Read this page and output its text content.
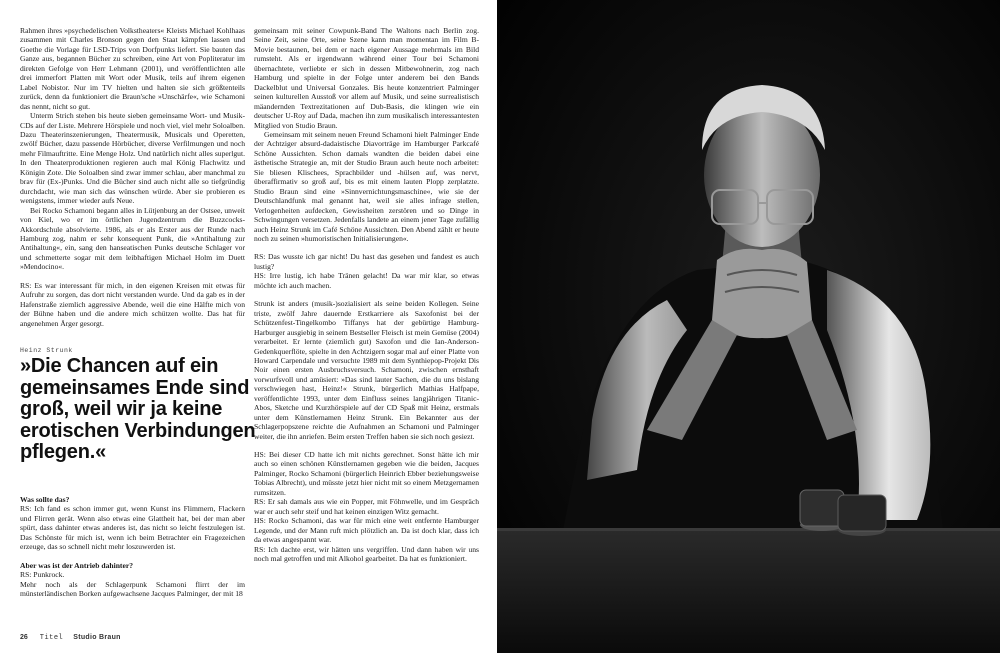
Rahmen ihres »psychedelischen Volkstheaters« Kleists Michael Kohlhaas zusammen mit Charles Bronson gegen den Staat kämpfen lassen und Goethe die Vorlage für LSD-Trips von Dorfpunks liefert. Sie bauten das Ganze aus, begannen Bücher zu schreiben, eine Art von Popliteratur im direkten Gefolge von Herr Lehmann (2001), und veröffentlichten alle drei immerfort Platten mit Wort oder Musik, teils auf ihrem eigenen Label Nobistor. Nur im TV hielten und halten sie sich größtenteils zurück, denn da funktioniert die Braun'sche »Unschärfe«, wie Schamoni das nennt, nicht so gut.

Unterm Strich stehen bis heute sieben gemeinsame Wort- und Musik-CDs auf der Liste. Mehrere Hörspiele und noch viel, viel mehr Soloalben. Dazu Theaterinszenierungen, Theatermusik, Musicals und Operetten, zwölf Bücher, dazu passende Hörbücher, diverse Verfilmungen und noch mehr Filmauftritte. Eine Menge Holz. Und natürlich nicht alles superlgut. In den Theaterproduktionen regieren auch mal König Flachwitz und Königin Zote. Die Soloalben sind zwar immer schlau, aber manchmal zu brav für (Ex-)Punks. Und die Bücher sind auch nicht alle so tiefgründig durchdacht, wie man sich das wünschen würde. Aber sie probieren es wenigstens, immer wieder aufs Neue.

Bei Rocko Schamoni begann alles in Lütjenburg an der Ostsee, unweit von Kiel, wo er im örtlichen Jugendzentrum die Buzzcocks-Akkordschule absolvierte. 1986, als er als Erster aus der Runde nach Hamburg zog, nahm er sehr konsequent Punk, die »Antihaltung zur Antihaltung«, ein, sang den hanseatischen Punks deutsche Schlager vor und schmetterte sogar mit dem leibhaftigen Michael Holm im Duett »Mendocino«.

RS: Es war interessant für mich, in den eigenen Kreisen mit etwas für Aufruhr zu sorgen, das dort nicht verstanden wurde. Und da gab es in der Hafenstraße ziemlich aggressive Abende, weil die eine Hälfte mich von der Bühne haben und die andere mich schützen wollte. Das hat für angenehmen Ärger gesorgt.

Heinz Strunk
»Die Chancen auf ein gemeinsames Ende sind groß, weil wir ja keine erotischen Verbindungen pflegen.«

Was sollte das?

RS: Ich fand es schon immer gut, wenn Kunst ins Flimmern, Flackern und Flirren gerät. Wenn also etwas eine Glattheit hat, bei der man aber spürt, dass dahinter etwas anderes ist, das nicht so leicht festzulegen ist. Das Schönste für mich ist, wenn ich beim Betrachter ein Fragezeichen erzeuge, das so schnell nicht mehr loszuwerden ist.

Aber was ist der Antrieb dahinter?

RS: Punkrock.

Mehr noch als der Schlagerpunk Schamoni flirrt der im münsterländischen Borken aufgewachsene Jacques Palminger, der mit 18

gemeinsam mit seiner Cowpunk-Band The Waltons nach Berlin zog. Seine Zeit, seine Orte, seine Szene kann man momentan im Film B-Movie bestaunen, bei dem er nach eigener Aussage mehrmals im Bild rumsteht. Als er irgendwann während einer Tour bei Schamoni übernachtete, verliebte er sich in dessen Mitbewohnerin, zog nach Hamburg und spielte in der Folge unter anderem bei den Bands Dackelblut und Universal Gonzales. Bis heute konzentriert Palminger seinen kulturellen Ausstoß vor allem auf Musik, und seine surrealistisch mäandernden Textrezitationen auf Dub-Basis, die klingen wie ein deutscher U-Roy auf Dada, machen ihn zum musikalisch interessantesten Mitglied von Studio Braun.

Gemeinsam mit seinem neuen Freund Schamoni hielt Palminger Ende der Achtziger absurd-dadaistische Diavorträge im Hamburger Parkcafé Schöne Aussichten. Schon damals wandten die beiden dabei eine ästhetische Strategie an, mit der Studio Braun auch heute noch arbeitet: Sie bliesen Klischees, Sprachbilder und -hülsen auf, was nervt, überaffirmativ so groß auf, bis es mit einem lauten Plopp zerplatzte. Studio Braun sind eine »Sinnvernichtungsmaschine«, wie sie der Deutschlandfunk mal genannt hat, weil sie alles infrage stellen, Verlogenheiten aufdecken, Gewissheiten zerstören und so Dinge in Schwingungen versetzen. Jedenfalls landete an einem jener Tage zufällig auch Heinz Strunk im Café Schöne Aussichten. Den Abend zählt er heute noch zu seinen »humoristischen Initialisierungen«.

RS: Das wusste ich gar nicht! Du hast das gesehen und fandest es auch lustig?
HS: Irre lustig, ich habe Tränen gelacht! Da war mir klar, so etwas möchte ich auch machen.

Strunk ist anders (musik-)sozialisiert als seine beiden Kollegen. Seine triste, zwölf Jahre dauernde Erstkarriere als Saxofonist bei der Schützenfest-Tingelkombo Tiffanys hat der gebürtige Hamburg-Harburger ausgiebig in seinem Bestseller Fleisch ist mein Gemüse (2004) verarbeitet. Er lernte (ziemlich gut) Saxofon und die Ian-Anderson-Gedenkquerflöte, spielte in den Achtzigern sogar mal auf einer Platte von Howard Carpendale und versuchte 1989 mit dem Synthiepop-Projekt Dis Noir einen ersten Ausbruchsversuch. Schamoni, zwischen ernsthaft vorwurfsvoll und amüsiert: »Das sind lauter Sachen, die du uns bislang verschwiegen hast, Heinz!« Strunk, bürgerlich Mathias Halfpape, veröffentlichte 1993, unter dem Einfluss seines langjährigen Titanic-Abos, Sketche und Kurzhörspiele auf der CD Spaß mit Heinz, erstmals unter dem Künstlernamen Heinz Strunk. Ein Bekannter aus der Schlagerpopszene reichte die Aufnahmen an Schamoni und Palminger weiter, die ihn anriefen. Beim ersten Treffen haben sie sich noch gesiezt.

HS: Bei dieser CD hatte ich mit nichts gerechnet. Sonst hätte ich mir auch so einen schönen Künstlernamen gegeben wie die beiden, Jacques Palminger, Rocko Schamoni (bürgerlich Heinrich Ebber beziehungsweise Tobias Albrecht), und müsste jetzt hier nicht mit so einem Metzgernamen rumsitzen.
RS: Er sah damals aus wie ein Popper, mit Föhnwelle, und im Gespräch war er auch sehr steif und hat keinen einzigen Witz gemacht.
HS: Rocko Schamoni, das war für mich eine weit entfernte Hamburger Legende, und der Mann ruft mich plötzlich an. Da ist doch klar, dass ich da etwas angespannt war.
RS: Ich dachte erst, wir hätten uns vergriffen. Und dann haben wir uns noch mal getroffen und mit Alkohol gearbeitet. Da hat es funktioniert.

26 Titel Studio Braun
